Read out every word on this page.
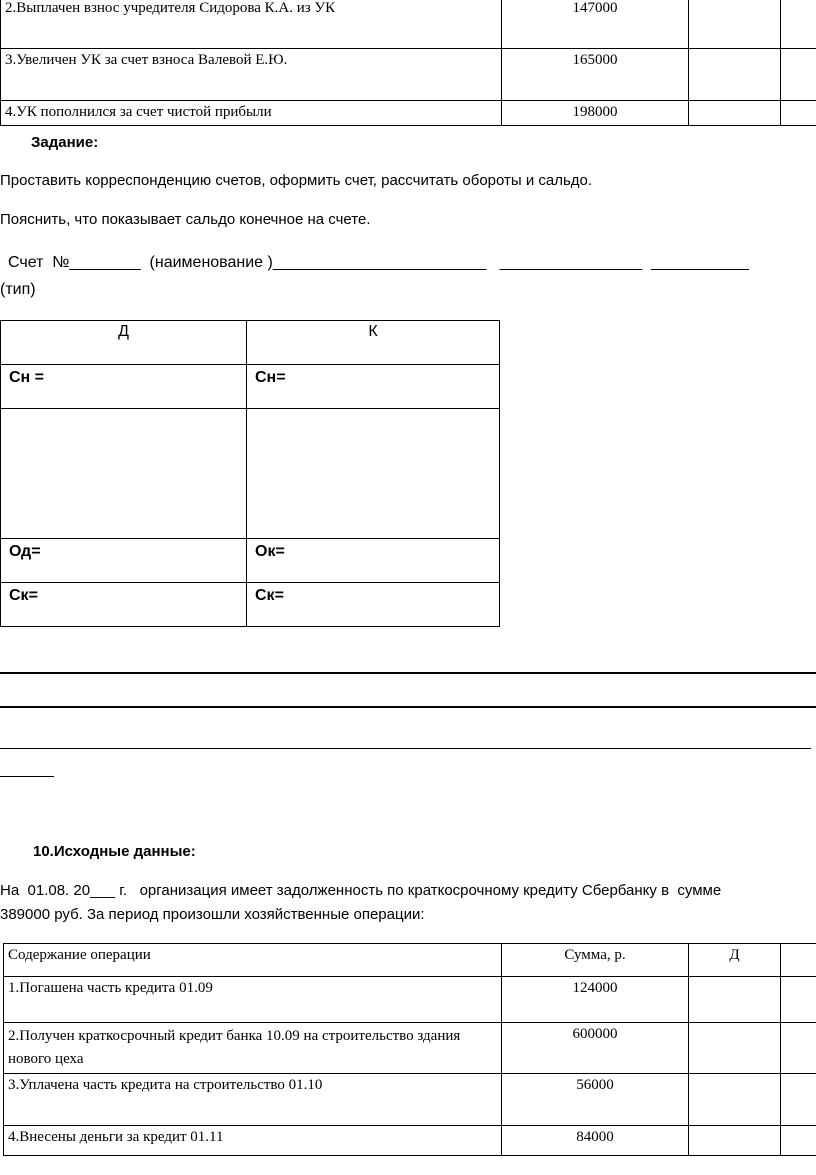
2.Выплачен взнос учредителя Сидорова К.А. из УК	147000		
3.Увеличен УК за счет взноса Валевой Е.Ю.	165000		
4.УК пополнился за счет чистой прибыли	198000		
Задание:
Проставить корреспонденцию счетов, оформить счет, рассчитать обороты и сальдо.
Пояснить, что показывает сальдо конечное на счете.
Счет  №________  (наименование )________________________   ________________  ___________
(тип)
Д	К
Сн =	Сн=

Од=	Ок=
Ск=	Ск=
10.Исходные данные:
На  01.08. 20___ г.   организация имеет задолженность по краткосрочному кредиту Сбербанку в  сумме
389000 руб. За период произошли хозяйственные операции:
Содержание операции	Сумма, р.	Д	
1.Погашена часть кредита 01.09	124000		
2.Получен краткосрочный кредит банка 10.09 на строительство здания нового цеха	600000		
3.Уплачена часть кредита на строительство 01.10	56000		
4.Внесены деньги за кредит 01.11	84000		
